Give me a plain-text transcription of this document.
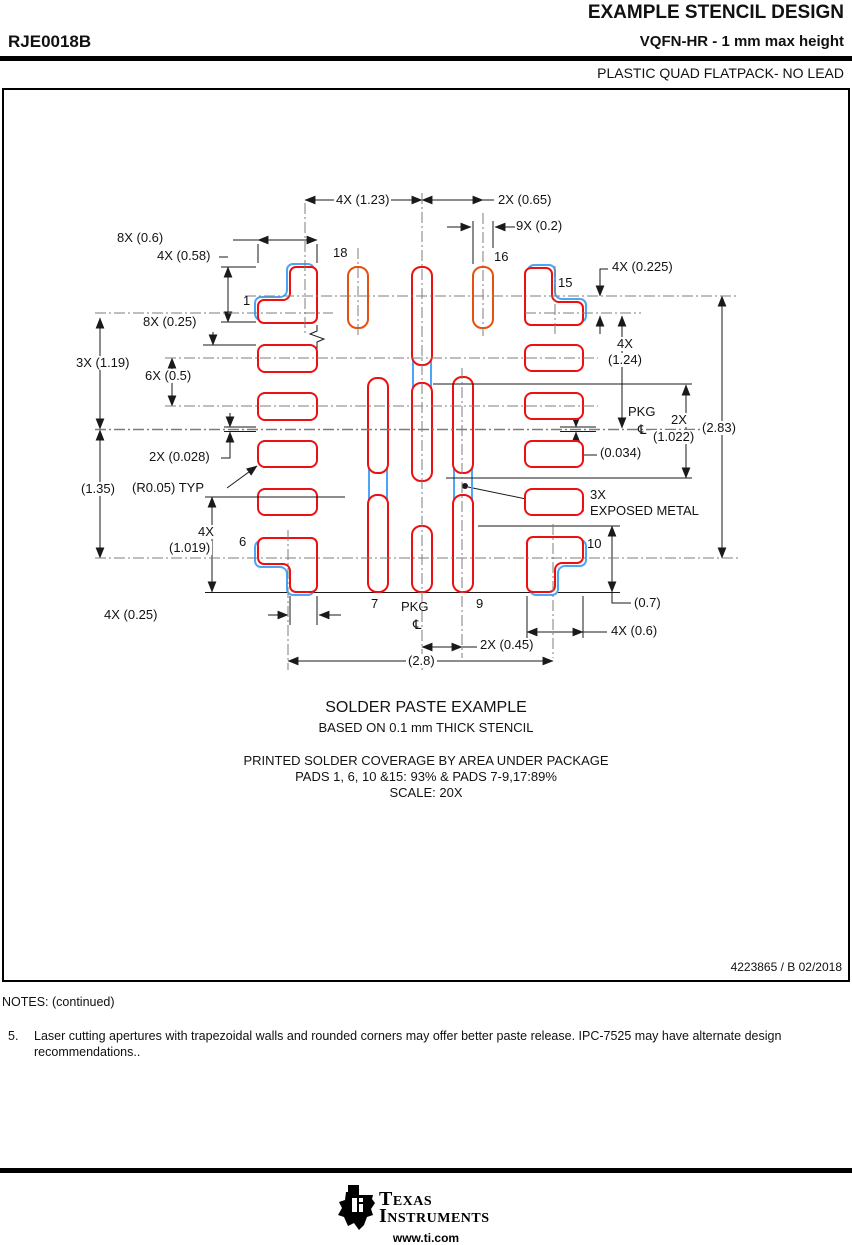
EXAMPLE STENCIL DESIGN
RJE0018B	VQFN-HR - 1 mm max height
PLASTIC QUAD FLATPACK- NO LEAD
4X (1.23)	2X (0.65)
9X (0.2)
8X (0.6)
4X (0.58)	18	16
1
15
4X (0.225)
8X (0.25)
3X (1.19)
6X (0.5)
4X
(1.24)
PKG
℄
2X
(1.022)
(2.83)
(0.034)
2X (0.028)
(1.35) (R0.05) TYP	3X
EXPOSED METAL
4X
(1.019) 6	10
4X (0.25)
7	9
PKG
℄
(0.7)
4X (0.6)
2X (0.45)
(2.8)
SOLDER PASTE EXAMPLE
BASED ON 0.1 mm THICK STENCIL
PRINTED SOLDER COVERAGE BY AREA UNDER PACKAGE
PADS 1, 6, 10 &15: 93% & PADS 7-9,17:89%
SCALE: 20X
4223865 / B 02/2018
NOTES: (continued)
5. Laser cutting apertures with trapezoidal walls and rounded corners may offer better paste release. IPC-7525 may have alternate design recommendations..
Texas
Instruments
www.ti.com
